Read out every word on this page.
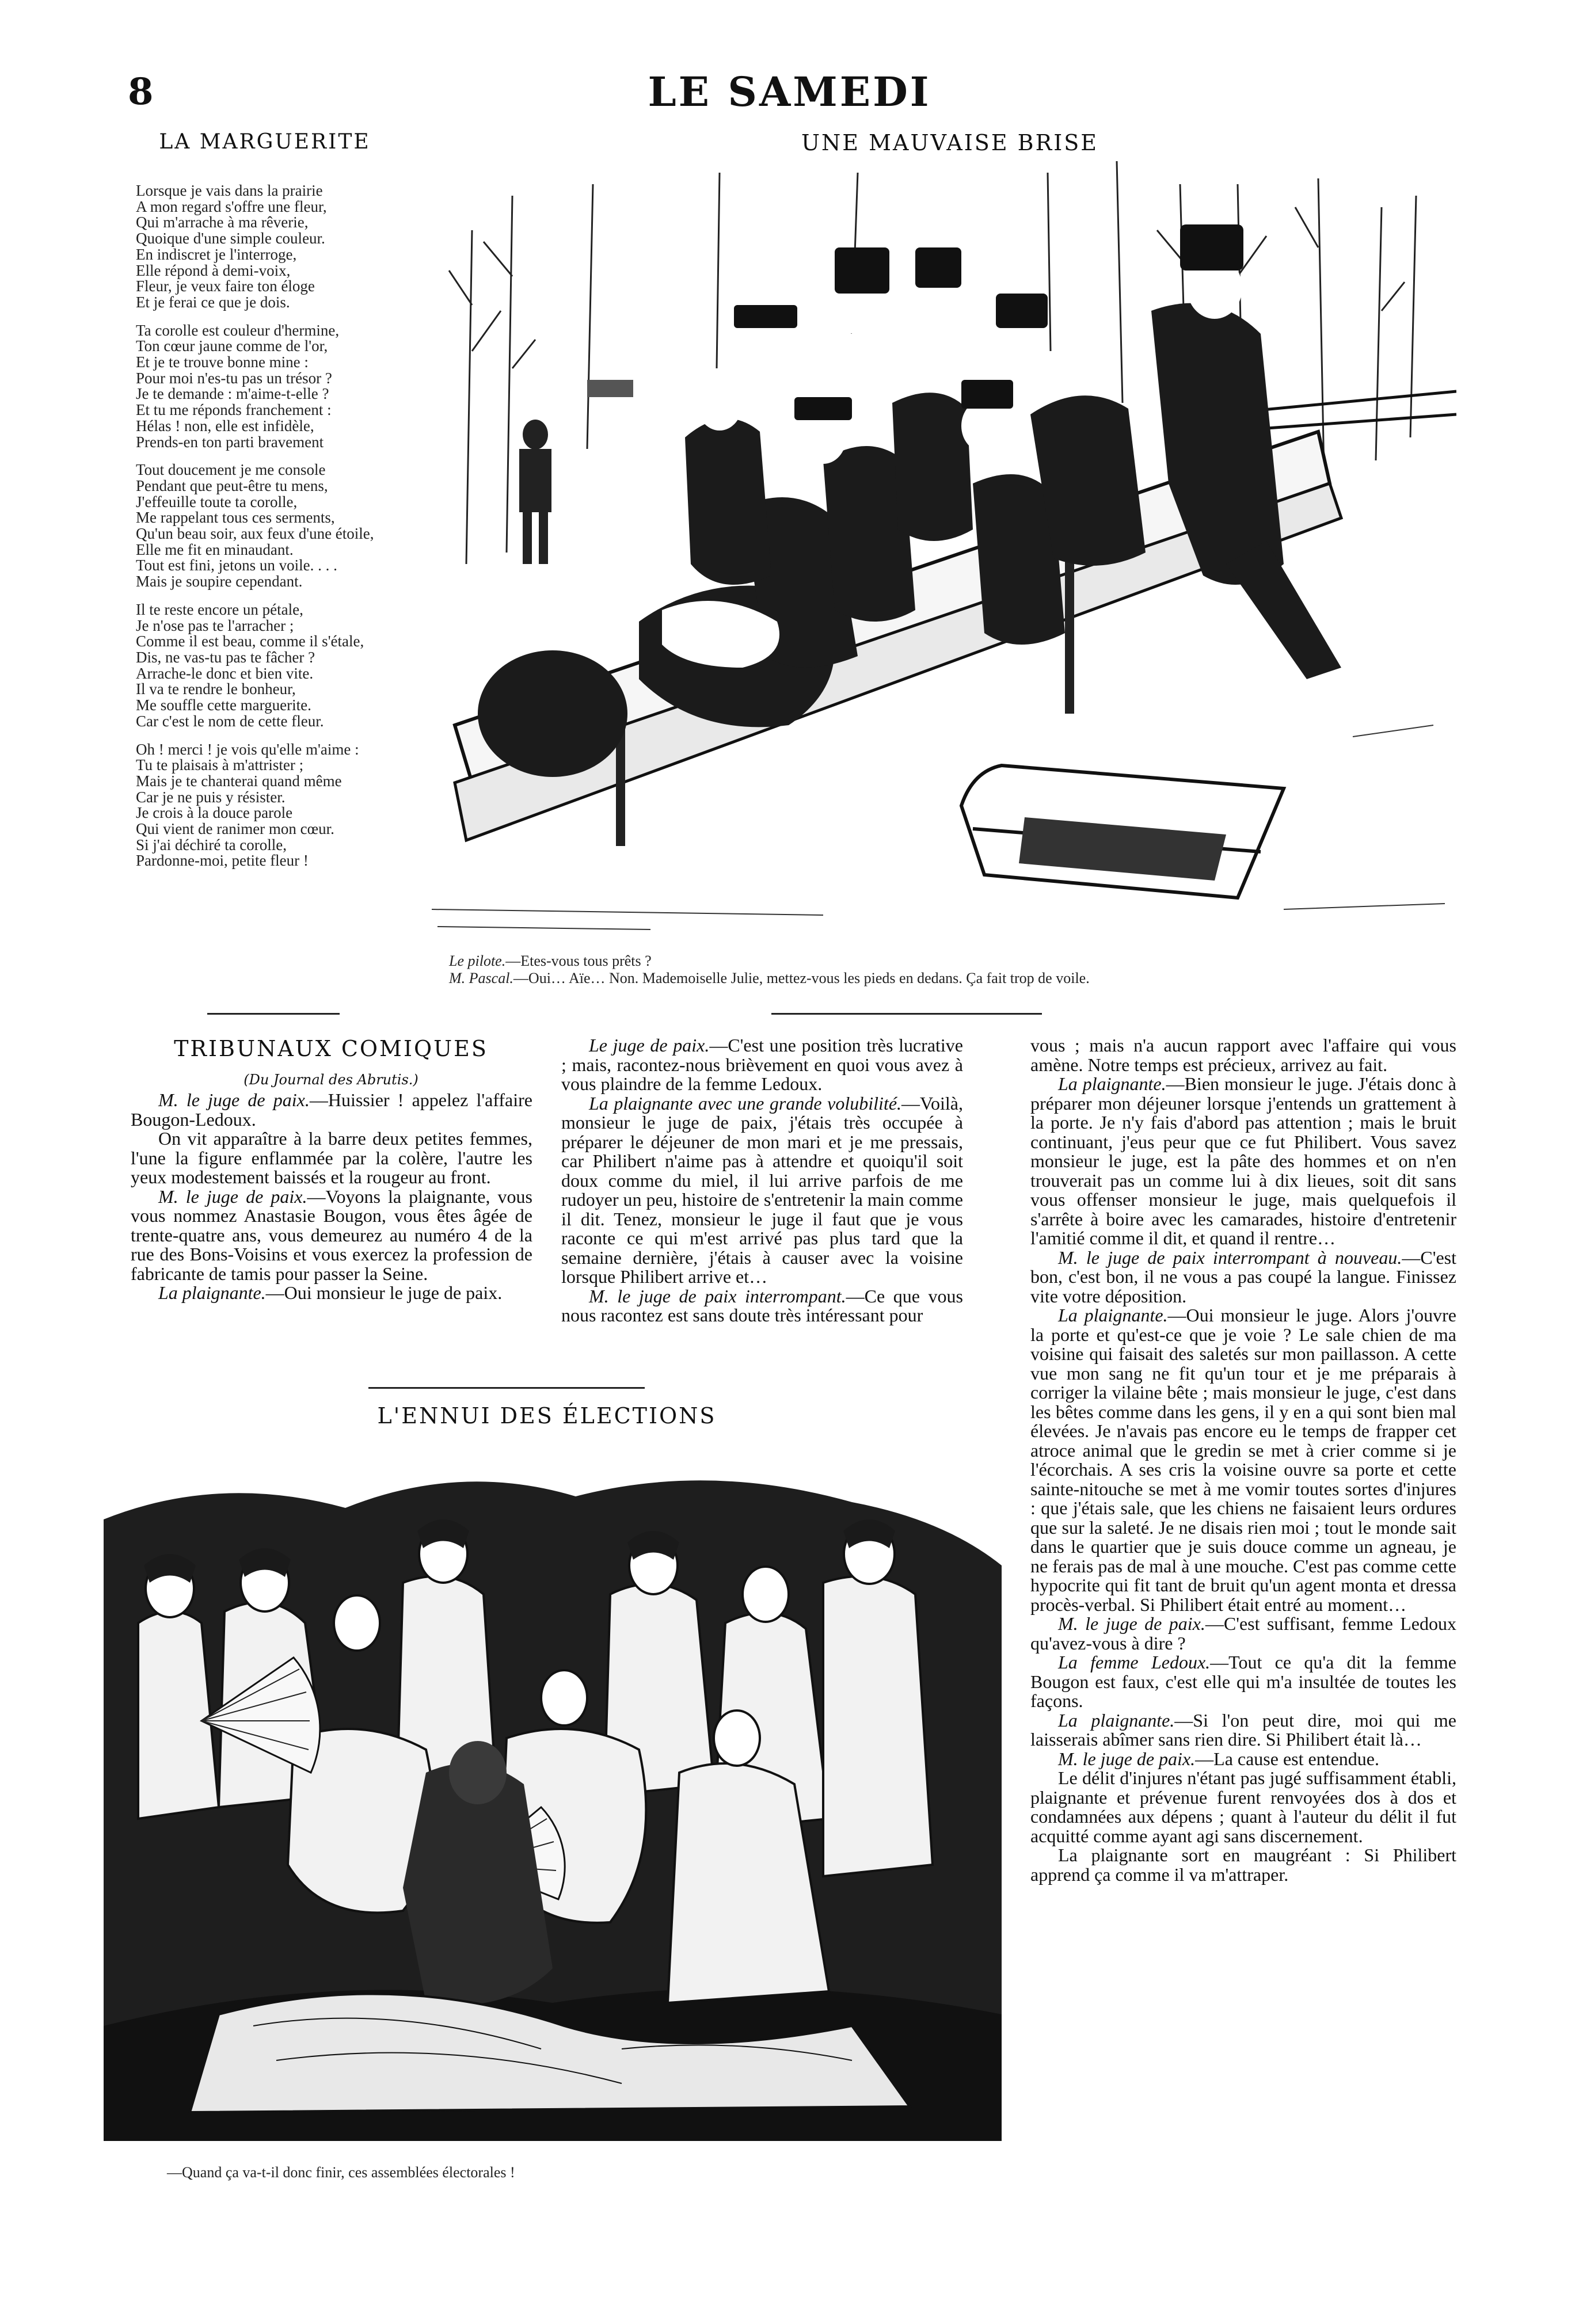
8	LE SAMEDI
LA MARGUERITE
Lorsque je vais dans la prairie
A mon regard s'offre une fleur,
Qui m'arrache à ma rêverie,
Quoique d'une simple couleur.
En indiscret je l'interroge,
Elle répond à demi-voix,
Fleur, je veux faire ton éloge
Et je ferai ce que je dois.
Ta corolle est couleur d'hermine,
Ton cœur jaune comme de l'or,
Et je te trouve bonne mine :
Pour moi n'es-tu pas un trésor ?
Je te demande : m'aime-t-elle ?
Et tu me réponds franchement :
Hélas ! non, elle est infidèle,
Prends-en ton parti bravement
Tout doucement je me console
Pendant que peut-être tu mens,
J'effeuille toute ta corolle,
Me rappelant tous ces serments,
Qu'un beau soir, aux feux d'une étoile,
Elle me fit en minaudant.
Tout est fini, jetons un voile. . . .
Mais je soupire cependant.
Il te reste encore un pétale,
Je n'ose pas te l'arracher ;
Comme il est beau, comme il s'étale,
Dis, ne vas-tu pas te fâcher ?
Arrache-le donc et bien vite.
Il va te rendre le bonheur,
Me souffle cette marguerite.
Car c'est le nom de cette fleur.
Oh ! merci ! je vois qu'elle m'aime :
Tu te plaisais à m'attrister ;
Mais je te chanterai quand même
Car je ne puis y résister.
Je crois à la douce parole
Qui vient de ranimer mon cœur.
Si j'ai déchiré ta corolle,
Pardonne-moi, petite fleur !
UNE MAUVAISE BRISE
Le pilote.—Etes-vous tous prêts ?
M. Pascal.—Oui… Aïe… Non. Mademoiselle Julie, mettez-vous les pieds en dedans. Ça fait trop de voile.
TRIBUNAUX COMIQUES
(Du Journal des Abrutis.)

M. le juge de paix.—Huissier ! appelez l'affaire Bougon-Ledoux.

On vit apparaître à la barre deux petites femmes, l'une la figure enflammée par la colère, l'autre les yeux modestement baissés et la rougeur au front.

M. le juge de paix.—Voyons la plaignante, vous vous nommez Anastasie Bougon, vous êtes âgée de trente-quatre ans, vous demeurez au numéro 4 de la rue des Bons-Voisins et vous exercez la profession de fabricante de tamis pour passer la Seine.

La plaignante.—Oui monsieur le juge de paix.

Le juge de paix.—C'est une position très lucrative ; mais, racontez-nous brièvement en quoi vous avez à vous plaindre de la femme Ledoux.

La plaignante avec une grande volubilité.—Voilà, monsieur le juge de paix, j'étais très occupée à préparer le déjeuner de mon mari et je me pressais, car Philibert n'aime pas à attendre et quoiqu'il soit doux comme du miel, il lui arrive parfois de me rudoyer un peu, histoire de s'entretenir la main comme il dit. Tenez, monsieur le juge il faut que je vous raconte ce qui m'est arrivé pas plus tard que la semaine dernière, j'étais à causer avec la voisine lorsque Philibert arrive et…

M. le juge de paix interrompant.—Ce que vous nous racontez est sans doute très intéressant pour

vous ; mais n'a aucun rapport avec l'affaire qui vous amène. Notre temps est précieux, arrivez au fait.

La plaignante.—Bien monsieur le juge. J'étais donc à préparer mon déjeuner lorsque j'entends un grattement à la porte. Je n'y fais d'abord pas attention ; mais le bruit continuant, j'eus peur que ce fut Philibert. Vous savez monsieur le juge, est la pâte des hommes et on n'en trouverait pas un comme lui à dix lieues, soit dit sans vous offenser monsieur le juge, mais quelquefois il s'arrête à boire avec les camarades, histoire d'entretenir l'amitié comme il dit, et quand il rentre…

M. le juge de paix interrompant à nouveau.—C'est bon, c'est bon, il ne vous a pas coupé la langue. Finissez vite votre déposition.

La plaignante.—Oui monsieur le juge. Alors j'ouvre la porte et qu'est-ce que je voie ? Le sale chien de ma voisine qui faisait des saletés sur mon paillasson. A cette vue mon sang ne fit qu'un tour et je me préparais à corriger la vilaine bête ; mais monsieur le juge, c'est dans les bêtes comme dans les gens, il y en a qui sont bien mal élevées. Je n'avais pas encore eu le temps de frapper cet atroce animal que le gredin se met à crier comme si je l'écorchais. A ses cris la voisine ouvre sa porte et cette sainte-nitouche se met à me vomir toutes sortes d'injures : que j'étais sale, que les chiens ne faisaient leurs ordures que sur la saleté. Je ne disais rien moi ; tout le monde sait dans le quartier que je suis douce comme un agneau, je ne ferais pas de mal à une mouche. C'est pas comme cette hypocrite qui fit tant de bruit qu'un agent monta et dressa procès-verbal. Si Philibert était entré au moment…

M. le juge de paix.—C'est suffisant, femme Ledoux qu'avez-vous à dire ?

La femme Ledoux.—Tout ce qu'a dit la femme Bougon est faux, c'est elle qui m'a insultée de toutes les façons.

La plaignante.—Si l'on peut dire, moi qui me laisserais abîmer sans rien dire. Si Philibert était là…

M. le juge de paix.—La cause est entendue.

Le délit d'injures n'étant pas jugé suffisamment établi, plaignante et prévenue furent renvoyées dos à dos et condamnées aux dépens ; quant à l'auteur du délit il fut acquitté comme ayant agi sans discernement.

La plaignante sort en maugréant : Si Philibert apprend ça comme il va m'attraper.

L'ENNUI DES ÉLECTIONS
—Quand ça va-t-il donc finir, ces assemblées électorales !
